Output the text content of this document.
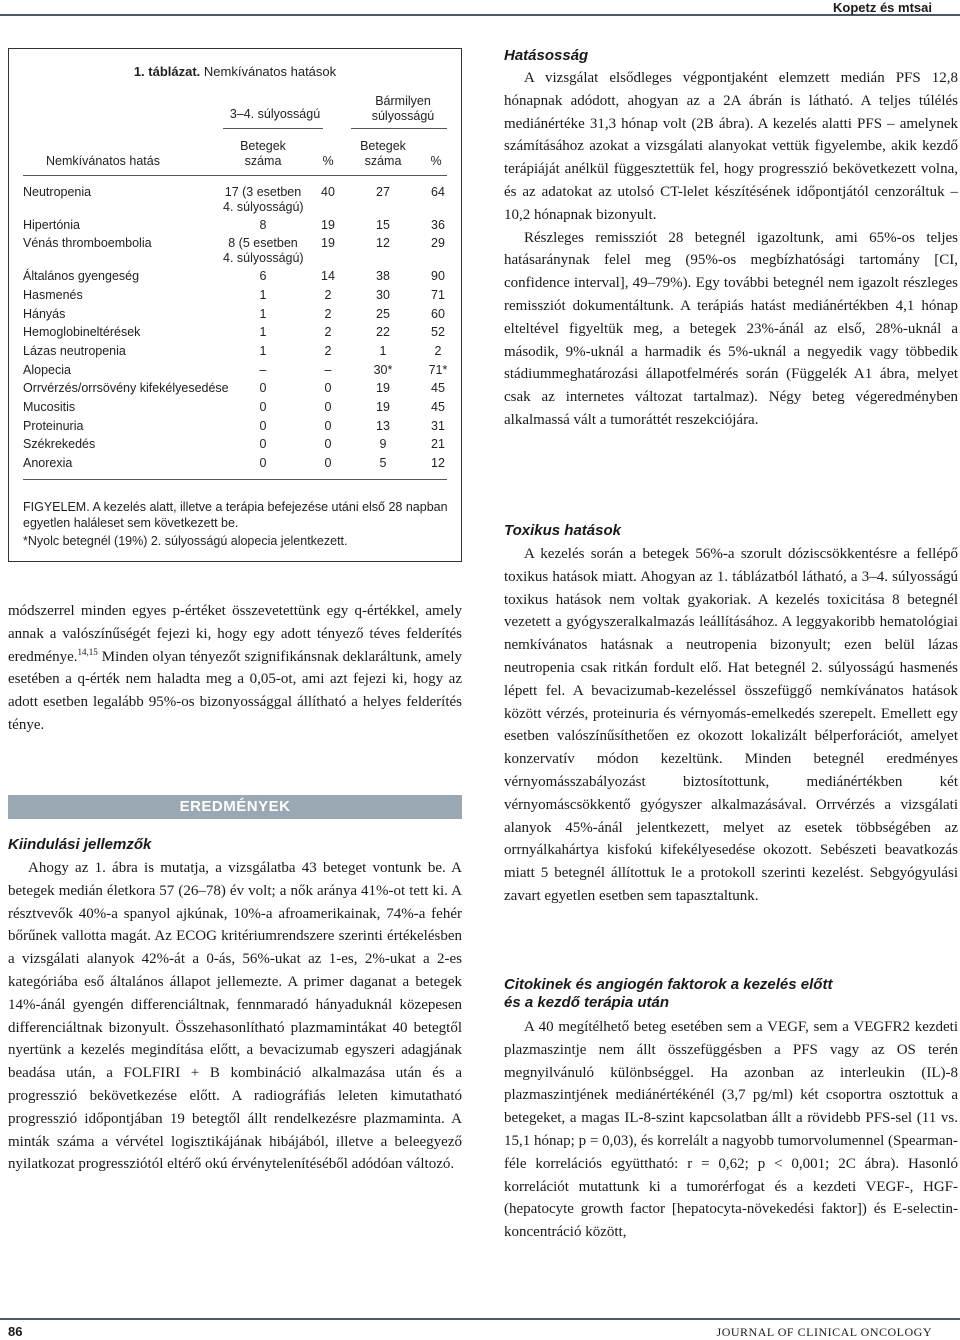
Kopetz és mtsai
1. táblázat. Nemkívánatos hatások
3–4. súlyosságú
Bármilyen
súlyosságú
Nemkívánatos hatás
Betegek
száma	%
Betegek
száma	%
FIGYELEM. A kezelés alatt, illetve a terápia befejezése utáni első 28 napban egyetlen haláleset sem következett be.
*Nyolc betegnél (19%) 2. súlyosságú alopecia jelentkezett.
Neutropenia	17 (3 esetben	40	27	64
4. súlyosságú)
Hipertónia	8	19	15	36
Vénás thromboembolia	8 (5 esetben	19	12	29
4. súlyosságú)
Általános gyengeség	6	14	38	90
Hasmenés	1	2	30	71
Hányás	1	2	25	60
Hemoglobineltérések	1	2	22	52
Lázas neutropenia	1	2	1	2
Alopecia	–	–	30*	71*
Orrvérzés/orrsövény kifekélyesedése	0	0	19	45
Mucositis	0	0	19	45
Proteinuria	0	0	13	31
Székrekedés	0	0	9	21
Anorexia	0	0	5	12

módszerrel minden egyes p-értéket összevetettünk egy q-értékkel, amely annak a valószínűségét fejezi ki, hogy egy adott tényező téves felderítés eredménye.$^{14,15}$ Minden olyan tényezőt szignifikánsnak deklaráltunk, amely esetében a q-érték nem haladta meg a 0,05-ot, ami azt fejezi ki, hogy az adott esetben legalább 95%-os bizonyossággal állítható a helyes felderítés ténye.

EREDMÉNYEK
Kiindulási jellemzők

Ahogy az 1. ábra is mutatja, a vizsgálatba 43 beteget vontunk be. A betegek medián életkora 57 (26–78) év volt; a nők aránya 41%-ot tett ki. A résztvevők 40%-a spanyol ajkúnak, 10%-a afroamerikainak, 74%-a fehér bőrűnek vallotta magát. Az ECOG kritériumrendszere szerinti értékelésben a vizsgálati alanyok 42%-át a 0-ás, 56%-ukat az 1-es, 2%-ukat a 2-es kategóriába eső általános állapot jellemezte. A primer daganat a betegek 14%-ánál gyengén differenciáltnak, fennmaradó hányaduknál közepesen differenciáltnak bizonyult. Összehasonlítható plazmamintákat 40 betegtől nyertünk a kezelés megindítása előtt, a bevacizumab egyszeri adagjának beadása után, a FOLFIRI + B kombináció alkalmazása után és a progresszió bekövetkezése előtt. A radiográfiás leleten kimutatható progresszió időpontjában 19 betegtől állt rendelkezésre plazmaminta. A minták száma a vérvétel logisztikájának hibájából, illetve a beleegyező nyilatkozat progressziótól eltérő okú érvénytelenítéséből adódóan változó.

Hatásosság

A vizsgálat elsődleges végpontjaként elemzett medián PFS 12,8 hónapnak adódott, ahogyan az a 2A ábrán is látható. A teljes túlélés mediánértéke 31,3 hónap volt (2B ábra). A kezelés alatti PFS – amelynek számításához azokat a vizsgálati alanyokat vettük figyelembe, akik kezdő terápiáját anélkül függesztettük fel, hogy progresszió bekövetkezett volna, és az adatokat az utolsó CT-lelet készítésének időpontjától cenzoráltuk – 10,2 hónapnak bizonyult.

Részleges remissziót 28 betegnél igazoltunk, ami 65%-os teljes hatásaránynak felel meg (95%-os megbízhatósági tartomány [CI, confidence interval], 49–79%). Egy további betegnél nem igazolt részleges remissziót dokumentáltunk. A terápiás hatást mediánértékben 4,1 hónap elteltével figyeltük meg, a betegek 23%-ánál az első, 28%-uknál a második, 9%-uknál a harmadik és 5%-uknál a negyedik vagy többedik stádiummeghatározási állapotfelmérés során (Függelék A1 ábra, melyet csak az internetes változat tartalmaz). Négy beteg végeredményben alkalmassá vált a tumoráttét reszekciójára.

Toxikus hatások

A kezelés során a betegek 56%-a szorult dóziscsökkentésre a fellépő toxikus hatások miatt. Ahogyan az 1. táblázatból látható, a 3–4. súlyosságú toxikus hatások nem voltak gyakoriak. A kezelés toxicitása 8 betegnél vezetett a gyógyszeralkalmazás leállításához. A leggyakoribb hematológiai nemkívánatos hatásnak a neutropenia bizonyult; ezen belül lázas neutropenia csak ritkán fordult elő. Hat betegnél 2. súlyosságú hasmenés lépett fel. A bevacizumab-kezeléssel összefüggő nemkívánatos hatások között vérzés, proteinuria és vérnyomás-emelkedés szerepelt. Emellett egy esetben valószínűsíthetően ez okozott lokalizált bélperforációt, amelyet konzervatív módon kezeltünk. Minden betegnél eredményes vérnyomásszabályozást biztosítottunk, mediánértékben két vérnyomáscsökkentő gyógyszer alkalmazásával. Orrvérzés a vizsgálati alanyok 45%-ánál jelentkezett, melyet az esetek többségében az orrnyálkahártya kisfokú kifekélyesedése okozott. Sebészeti beavatkozás miatt 5 betegnél állítottuk le a protokoll szerinti kezelést. Sebgyógyulási zavart egyetlen esetben sem tapasztaltunk.

Citokinek és angiogén faktorok a kezelés előtt
és a kezdő terápia után

A 40 megítélhető beteg esetében sem a VEGF, sem a VEGFR2 kezdeti plazmaszintje nem állt összefüggésben a PFS vagy az OS terén megnyilvánuló különbséggel. Ha azonban az interleukin (IL)-8 plazmaszintjének mediánértékénél (3,7 pg/ml) két csoportra osztottuk a betegeket, a magas IL-8-szint kapcsolatban állt a rövidebb PFS-sel (11 vs. 15,1 hónap; p = 0,03), és korrelált a nagyobb tumorvolumennel (Spearman-féle korrelációs együttható: r = 0,62; p < 0,001; 2C ábra). Hasonló korrelációt mutattunk ki a tumorérfogat és a kezdeti VEGF-, HGF- (hepatocyte growth factor [hepatocyta-növekedési faktor]) és E-selectin-koncentráció között,

86	JOURNAL OF CLINICAL ONCOLOGY
